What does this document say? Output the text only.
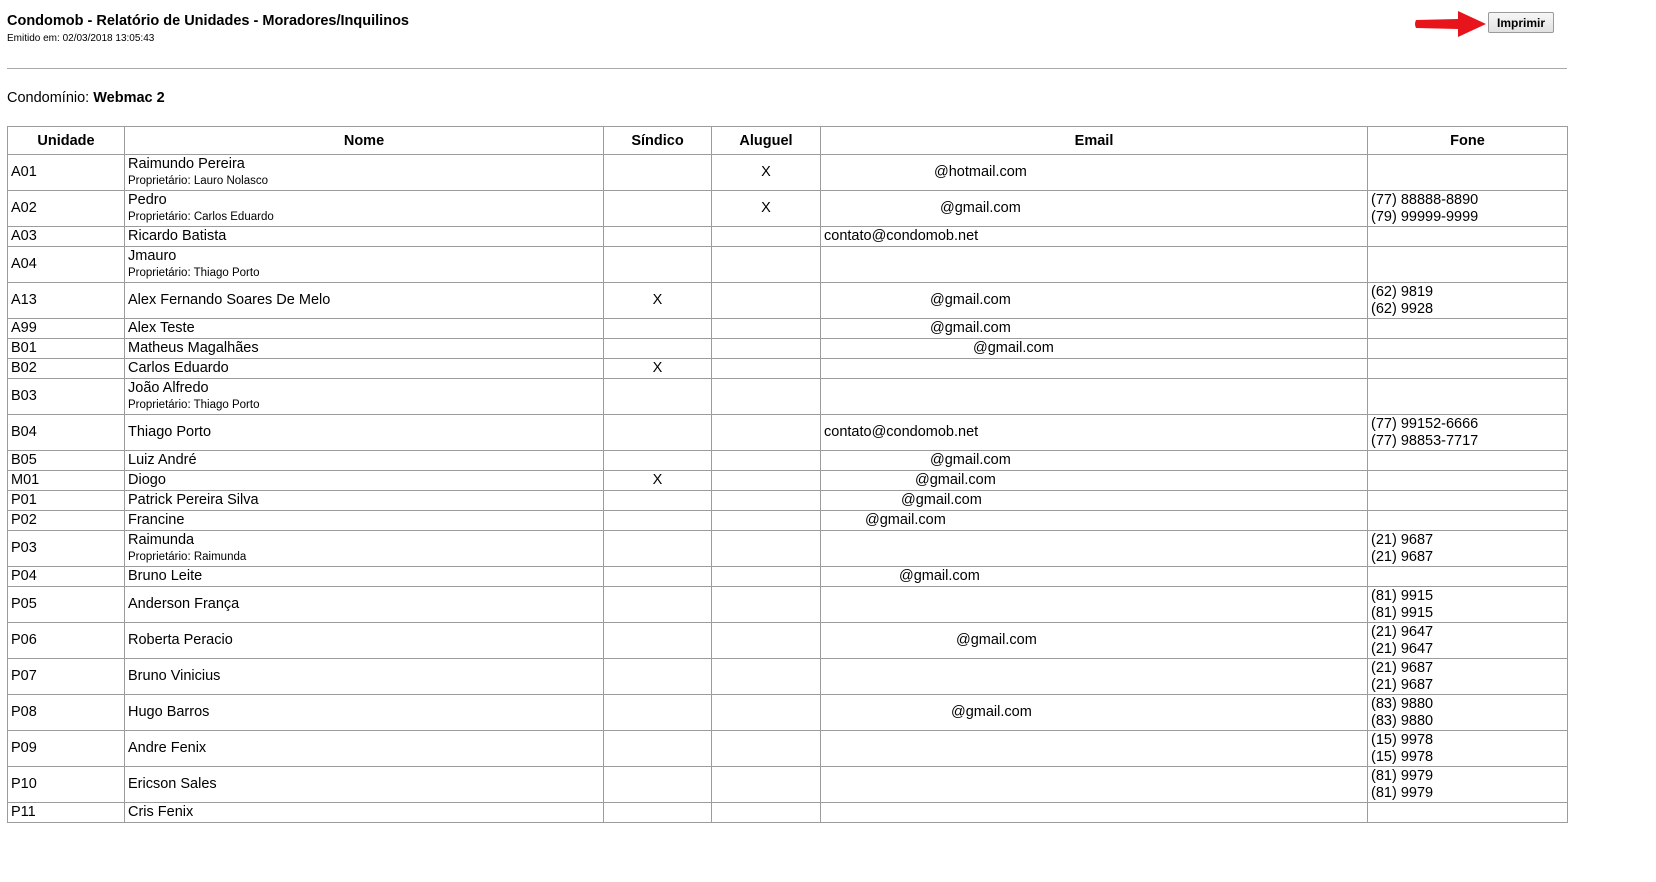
Condomob - Relatório de Unidades - Moradores/Inquilinos
Emitido em: 02/03/2018 13:05:43
Imprimir
Condomínio: Webmac 2
Unidade	Nome	Síndico	Aluguel	Email	Fone
A01	Raimundo Pereira
Proprietário: Lauro Nolasco		X	@hotmail.com	
A02	Pedro
Proprietário: Carlos Eduardo		X	@gmail.com	(77) 88888-8890
(79) 99999-9999

A03	Ricardo Batista			contato@condomob.net	
A04	Jmauro
Proprietário: Thiago Porto				

A13	Alex Fernando Soares De Melo	X		@gmail.com	(62) 9819
(62) 9928

A99	Alex Teste			@gmail.com	
B01	Matheus Magalhães			@gmail.com	
B02	Carlos Eduardo	X			
B03	João Alfredo
Proprietário: Thiago Porto				

B04	Thiago Porto			contato@condomob.net	(77) 99152-6666
(77) 98853-7717

B05	Luiz André			@gmail.com	
M01	Diogo	X		@gmail.com	
P01	Patrick Pereira Silva			@gmail.com	
P02	Francine			@gmail.com	
P03	Raimunda
Proprietário: Raimunda				(21) 9687
(21) 9687

P04	Bruno Leite			@gmail.com	
P05	Anderson França				(81) 9915
(81) 9915

P06	Roberta Peracio			@gmail.com	(21) 9647
(21) 9647

P07	Bruno Vinicius				(21) 9687
(21) 9687

P08	Hugo Barros			@gmail.com	(83) 9880
(83) 9880

P09	Andre Fenix				(15) 9978
(15) 9978

P10	Ericson Sales				(81) 9979
(81) 9979

P11	Cris Fenix				
